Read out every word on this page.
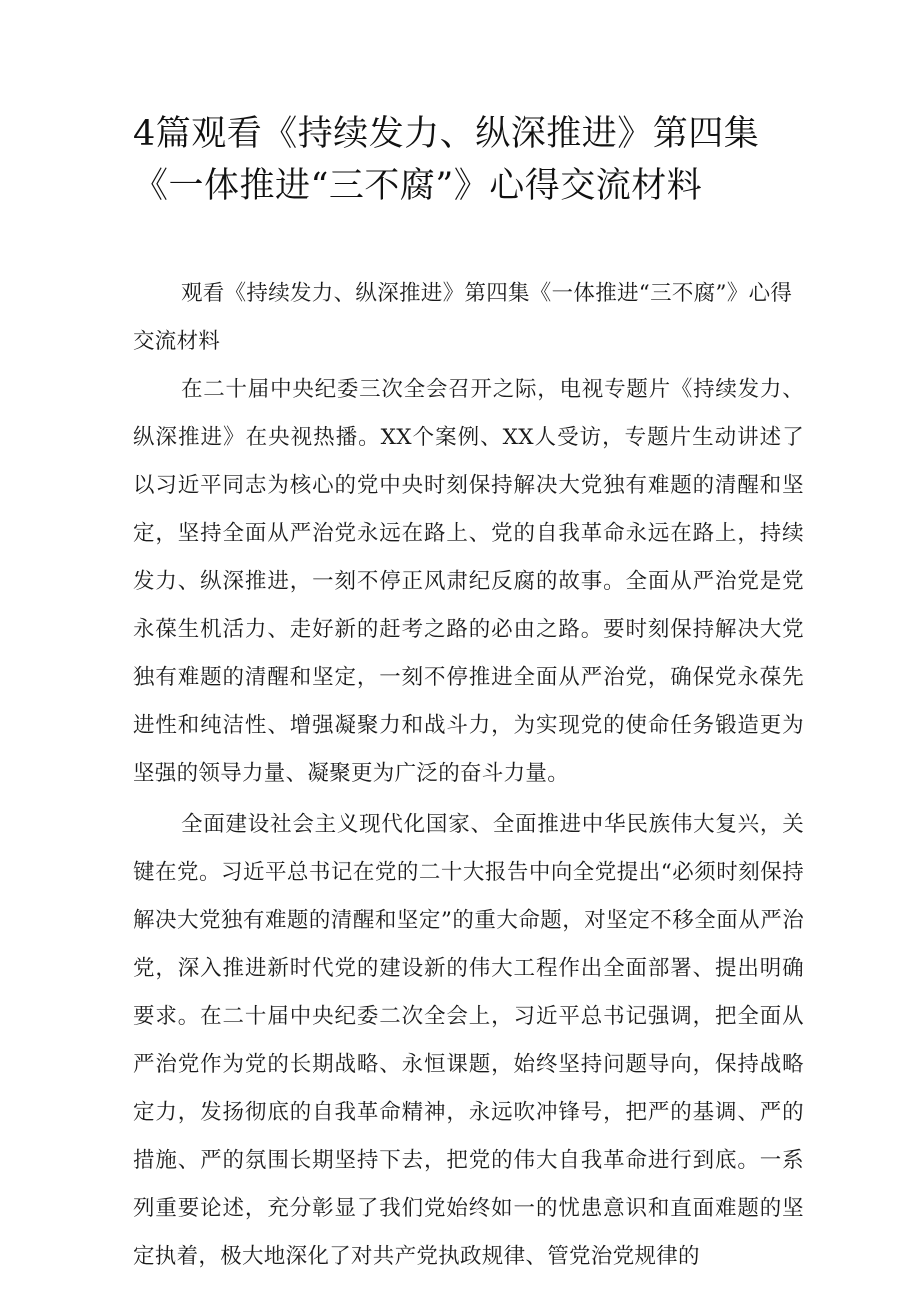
4篇观看《持续发力、纵深推进》第四集《一体推进“三不腐”》心得交流材料

观看《持续发力、纵深推进》第四集《一体推进“三不腐”》心得交流材料

在二十届中央纪委三次全会召开之际，电视专题片《持续发力、纵深推进》在央视热播。XX个案例、XX人受访，专题片生动讲述了以习近平同志为核心的党中央时刻保持解决大党独有难题的清醒和坚定，坚持全面从严治党永远在路上、党的自我革命永远在路上，持续发力、纵深推进，一刻不停正风肃纪反腐的故事。全面从严治党是党永葆生机活力、走好新的赶考之路的必由之路。要时刻保持解决大党独有难题的清醒和坚定，一刻不停推进全面从严治党，确保党永葆先进性和纯洁性、增强凝聚力和战斗力，为实现党的使命任务锻造更为坚强的领导力量、凝聚更为广泛的奋斗力量。

全面建设社会主义现代化国家、全面推进中华民族伟大复兴，关键在党。习近平总书记在党的二十大报告中向全党提出“必须时刻保持解决大党独有难题的清醒和坚定”的重大命题，对坚定不移全面从严治党，深入推进新时代党的建设新的伟大工程作出全面部署、提出明确要求。在二十届中央纪委二次全会上，习近平总书记强调，把全面从严治党作为党的长期战略、永恒课题，始终坚持问题导向，保持战略定力，发扬彻底的自我革命精神，永远吹冲锋号，把严的基调、严的措施、严的氛围长期坚持下去，把党的伟大自我革命进行到底。一系列重要论述，充分彰显了我们党始终如一的忧患意识和直面难题的坚定执着，极大地深化了对共产党执政规律、管党治党规律的
